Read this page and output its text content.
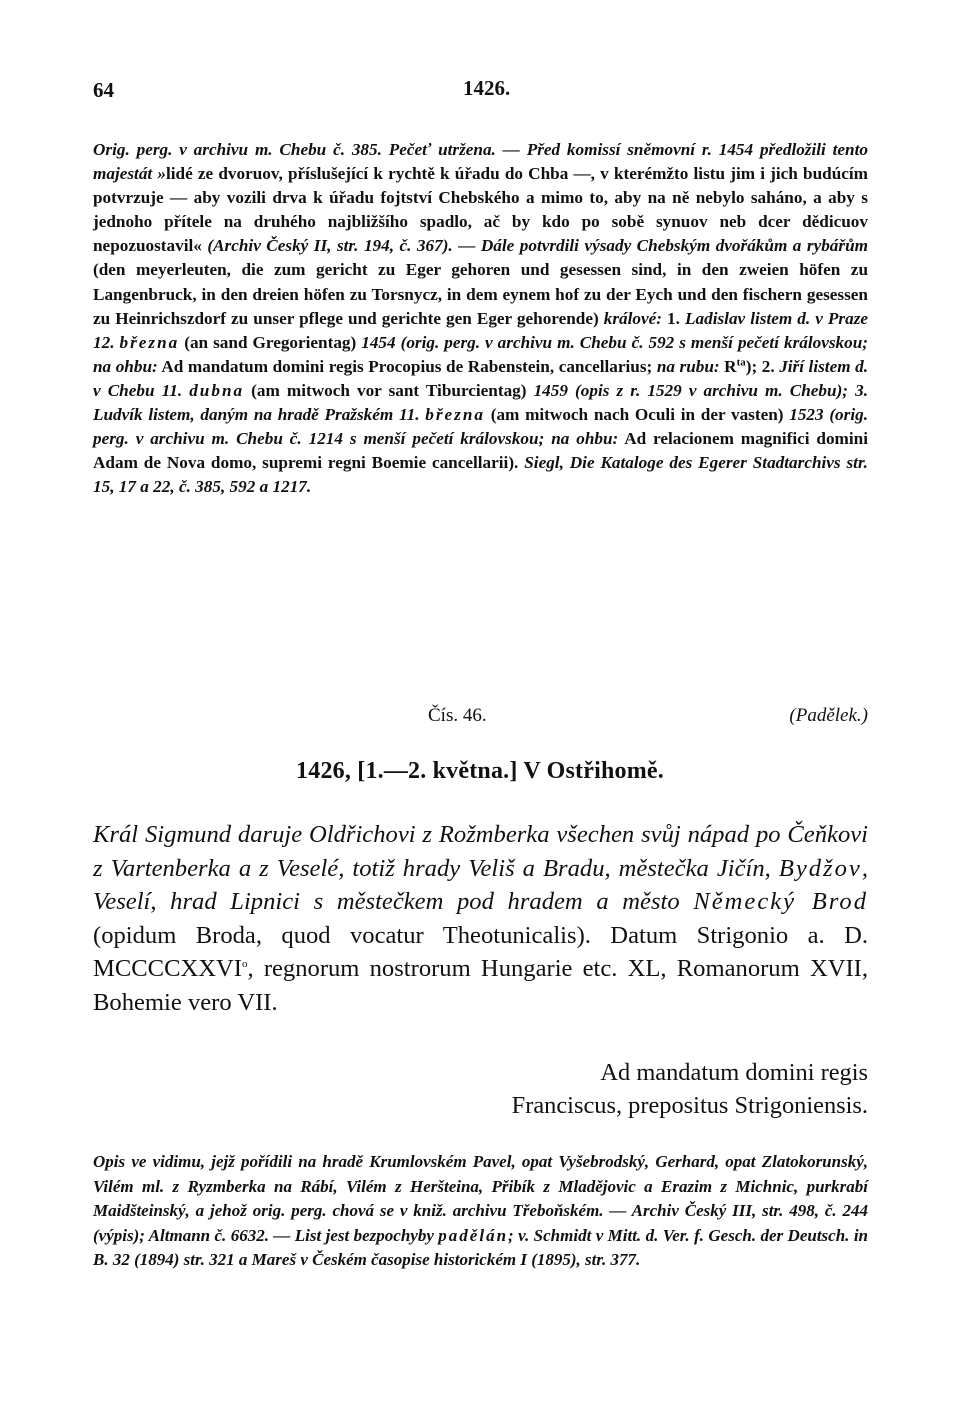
64	1426.
Orig. perg. v archivu m. Chebu č. 385. Pečeť utržena. — Před komissí sněmovní r. 1454 předložili tento majestát »lidé ze dvoruov, příslušející k rychtě k úřadu do Chba —, v kterémžto listu jim i jich budúcím potvrzuje — aby vozili drva k úřadu fojtství Chebského a mimo to, aby na ně nebylo saháno, a aby s jednoho přítele na druhého najbližšího spadlo, ač by kdo po sobě synuov neb dcer dědicuov nepozuostavil« (Archiv Český II, str. 194, č. 367). — Dále potvrdili výsady Chebským dvořákům a rybářům (den meyerleuten, die zum gericht zu Eger gehoren und gesessen sind, in den zweien höfen zu Langenbruck, in den dreien höfen zu Torsnycz, in dem eynem hof zu der Eych und den fischern gesessen zu Heinrichszdorf zu unser pflege und gerichte gen Eger gehorende) králové: 1. Ladislav listem d. v Praze 12. března (an sand Gregorientag) 1454 (orig. perg. v archivu m. Chebu č. 592 s menší pečetí královskou; na ohbu: Ad mandatum domini regis Procopius de Rabenstein, cancellarius; na rubu: $R^{ta}$); 2. Jiří listem d. v Chebu 11. dubna (am mitwoch vor sant Tiburcientag) 1459 (opis z r. 1529 v archivu m. Chebu); 3. Ludvík listem, daným na hradě Pražském 11. března (am mitwoch nach Oculi in der vasten) 1523 (orig. perg. v archivu m. Chebu č. 1214 s menší pečetí královskou; na ohbu: Ad relacionem magnifici domini Adam de Nova domo, supremi regni Boemie cancellarii). Siegl, Die Kataloge des Egerer Stadtarchivs str. 15, 17 a 22, č. 385, 592 a 1217.
Čís. 46.	(Padělek.)
1426, [1.—2. května.] V Ostřihomě.
Král Sigmund daruje Oldřichovi z Rožmberka všechen svůj nápad po Čeňkovi z Vartenberka a z Veselé, totiž hrady Veliš a Bradu, městečka Jičín, Bydžov, Veselí, hrad Lipnici s městečkem pod hradem a město Německý Brod (opidum Broda, quod vocatur Theotunicalis). Datum Strigonio a. D. MCCCCXXVI$^o$, regnorum nostrorum Hungarie etc. XL, Romanorum XVII, Bohemie vero VII.
Ad mandatum domini regis
Franciscus, prepositus Strigoniensis.
Opis ve vidimu, jejž pořídili na hradě Krumlovském Pavel, opat Vyšebrodský, Gerhard, opat Zlatokorunský, Vilém ml. z Ryzmberka na Rábí, Vilém z Heršteina, Přibík z Mladějovic a Erazim z Michnic, purkrabí Maidšteinský, a jehož orig. perg. chová se v kniž. archivu Třeboňském. — Archiv Český III, str. 498, č. 244 (výpis); Altmann č. 6632. — List jest bezpochyby padělán; v. Schmidt v Mitt. d. Ver. f. Gesch. der Deutsch. in B. 32 (1894) str. 321 a Mareš v Českém časopise historickém I (1895), str. 377.
